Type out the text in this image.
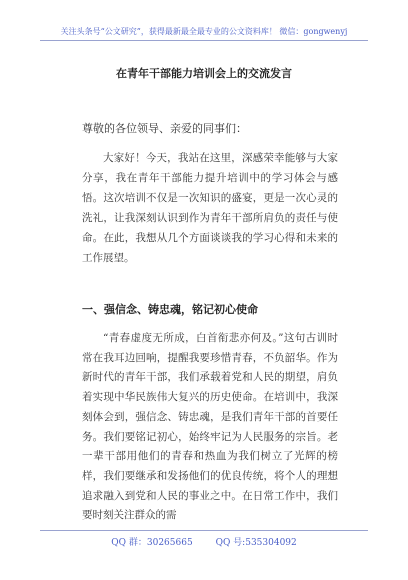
关注头条号“公文研究”，获得最新最全最专业的公文资料库！ 微信：gongwenyj
在青年干部能力培训会上的交流发言
尊敬的各位领导、亲爱的同事们：

大家好！今天，我站在这里，深感荣幸能够与大家分享，我在青年干部能力提升培训中的学习体会与感悟。这次培训不仅是一次知识的盛宴，更是一次心灵的洗礼，让我深刻认识到作为青年干部所肩负的责任与使命。在此，我想从几个方面谈谈我的学习心得和未来的工作展望。

一、强信念、铸忠魂，铭记初心使命

“青春虚度无所成，白首衔悲亦何及。”这句古训时常在我耳边回响，提醒我要珍惜青春，不负韶华。作为新时代的青年干部，我们承载着党和人民的期望，肩负着实现中华民族伟大复兴的历史使命。在培训中，我深刻体会到，强信念、铸忠魂，是我们青年干部的首要任务。我们要铭记初心，始终牢记为人民服务的宗旨。老一辈干部用他们的青春和热血为我们树立了光辉的榜样，我们要继承和发扬他们的优良传统，将个人的理想追求融入到党和人民的事业之中。在日常工作中，我们要时刻关注群众的需

QQ 群：30265665	QQ 号:535304092
